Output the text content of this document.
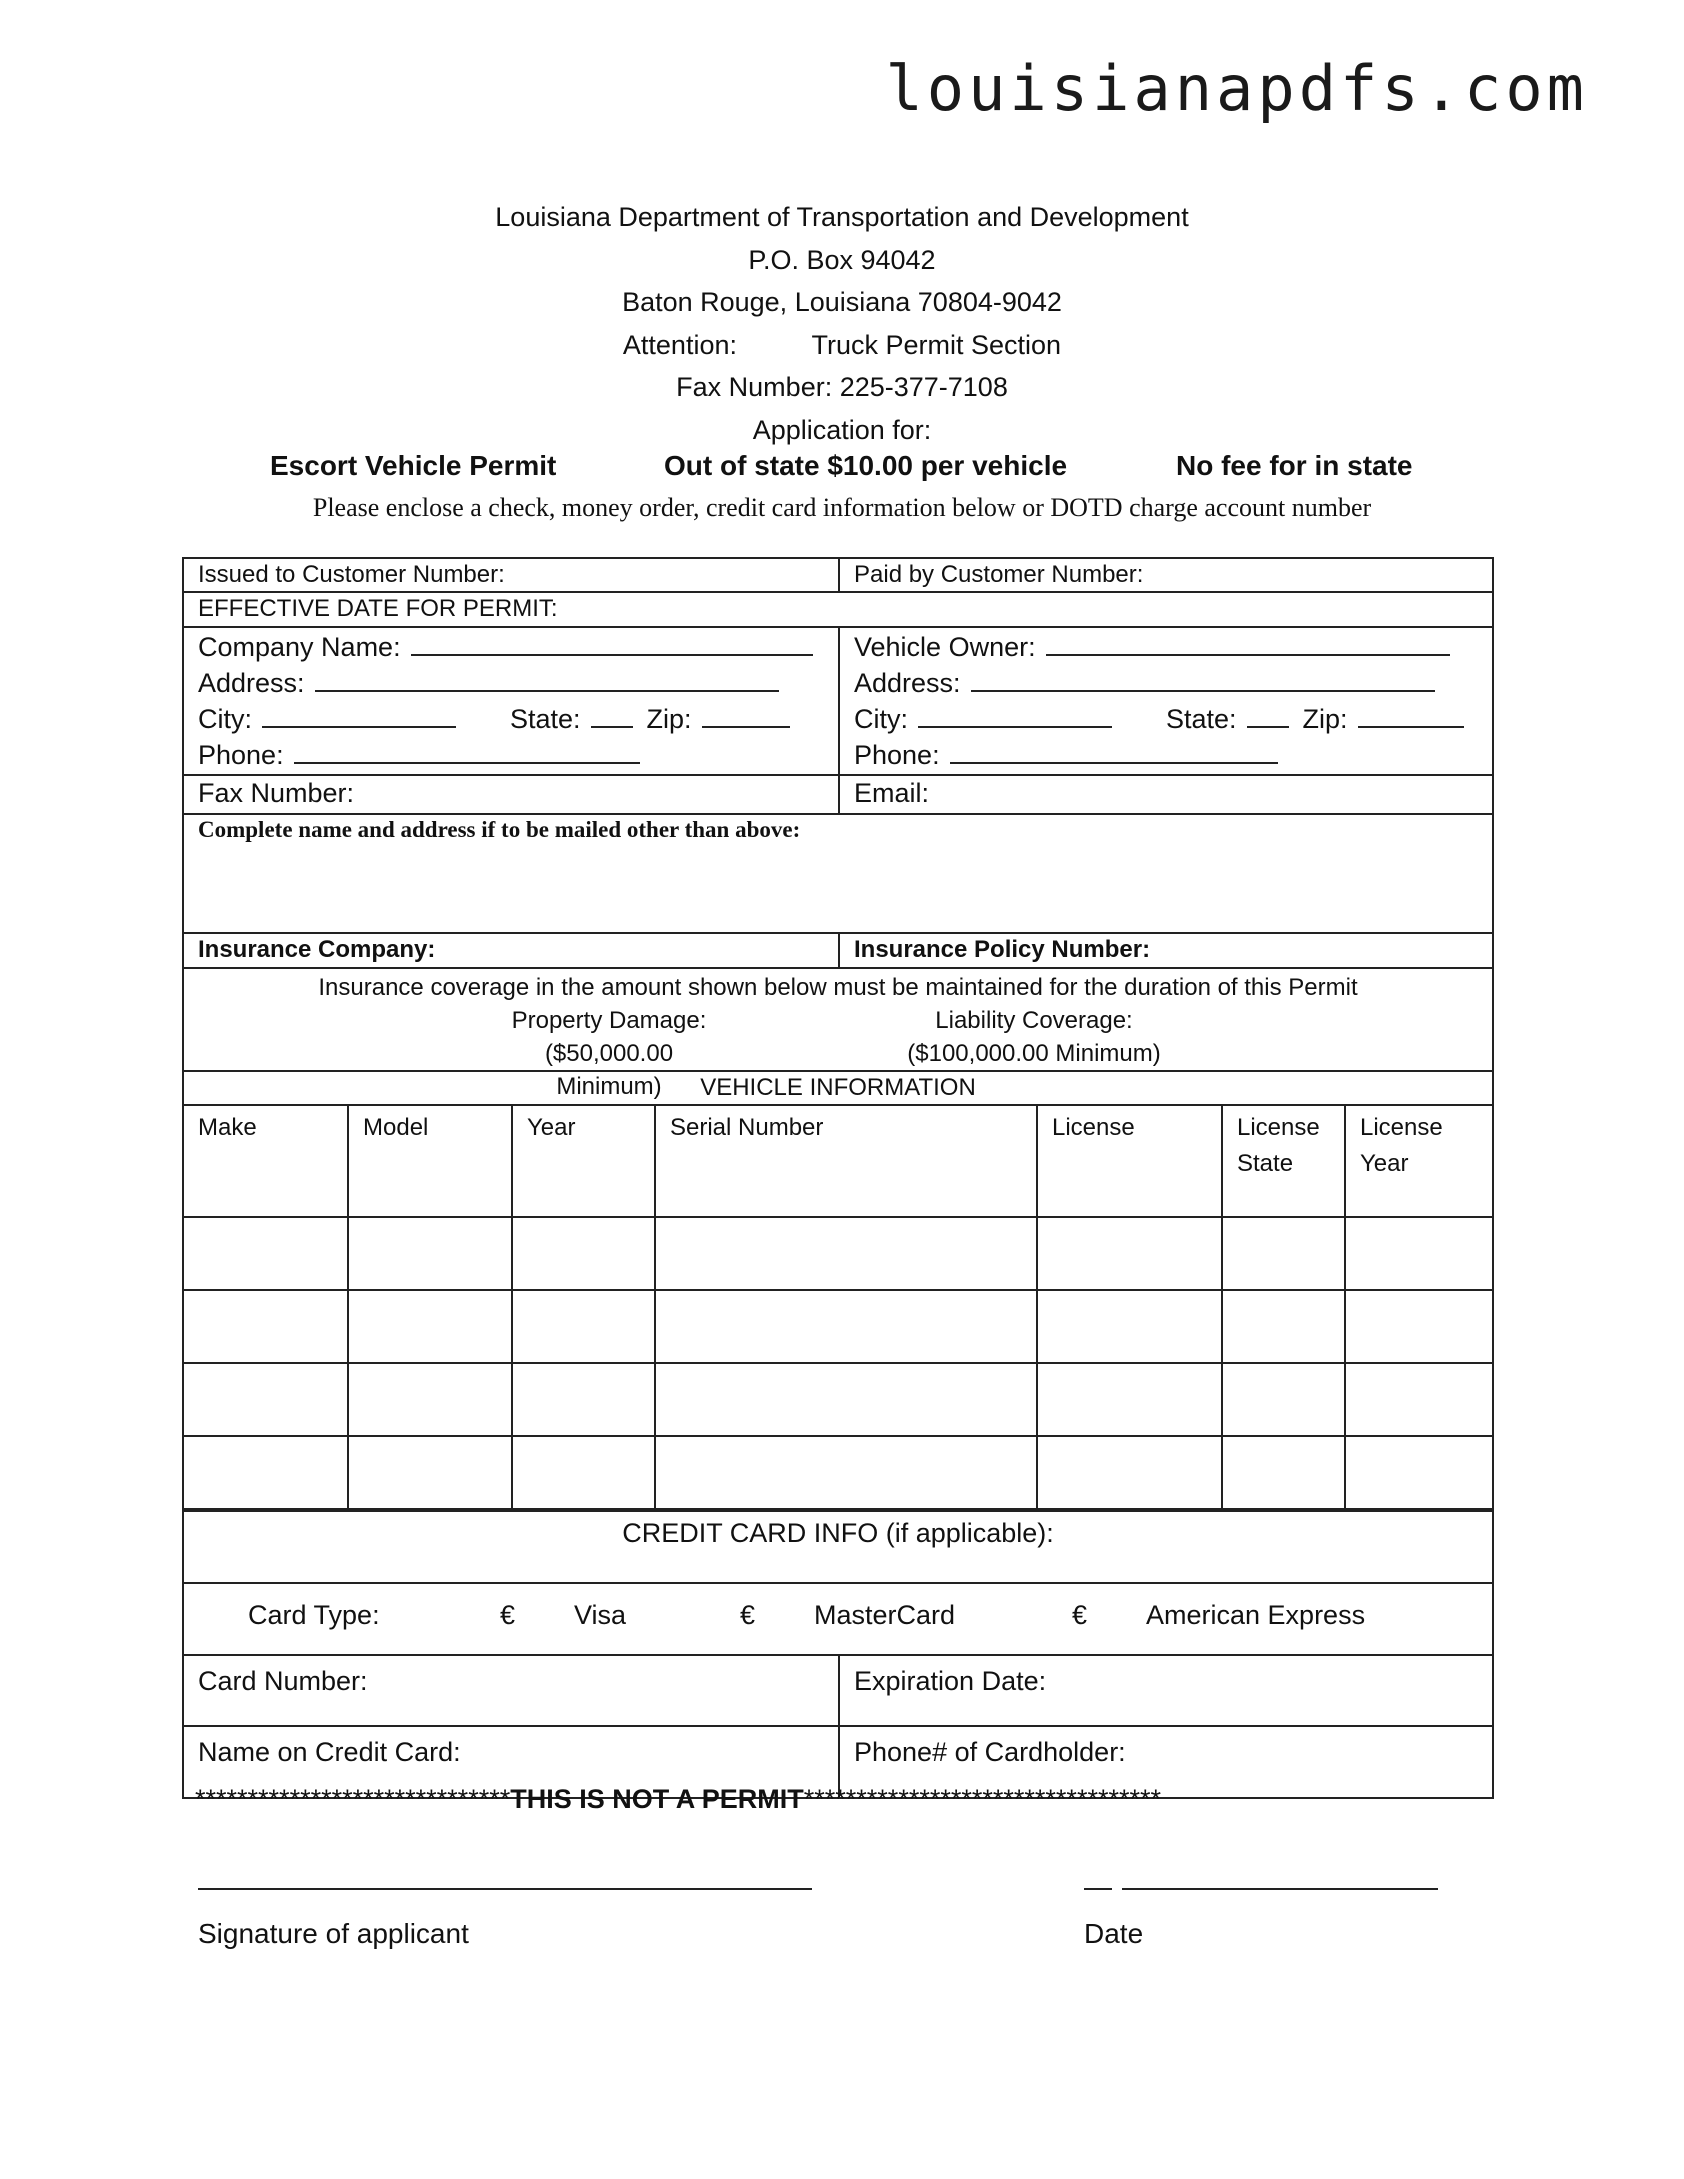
louisianapdfs.com
Louisiana Department of Transportation and Development
P.O. Box 94042
Baton Rouge, Louisiana 70804-9042
Attention:          Truck Permit Section
Fax Number: 225-377-7108
Application for:
Escort Vehicle Permit	Out of state $10.00 per vehicle	No fee for in state
Please enclose a check, money order, credit card information below or DOTD charge account number
Issued to Customer Number:	Paid by Customer Number:
EFFECTIVE DATE FOR PERMIT:
Company Name:
Address:
City:	State: Zip:
Phone:
Vehicle Owner:
Address:
City:	State: Zip:
Phone:
Fax Number:	Email:
Complete name and address if to be mailed other than above:
Insurance Company:	Insurance Policy Number:
Insurance coverage in the amount shown below must be maintained for the duration of this Permit
Property Damage:
($50,000.00 Minimum)
Liability Coverage:
($100,000.00 Minimum)
VEHICLE INFORMATION
Make	Model	Year	Serial Number	License	License State	License Year

CREDIT CARD INFO (if applicable):
Card Type:	€ Visa	€ MasterCard	€ American Express
Card Number:	Expiration Date:
Name on Credit Card:	Phone# of Cardholder:
******************************THIS IS NOT A PERMIT**********************************
Signature of applicant	Date
